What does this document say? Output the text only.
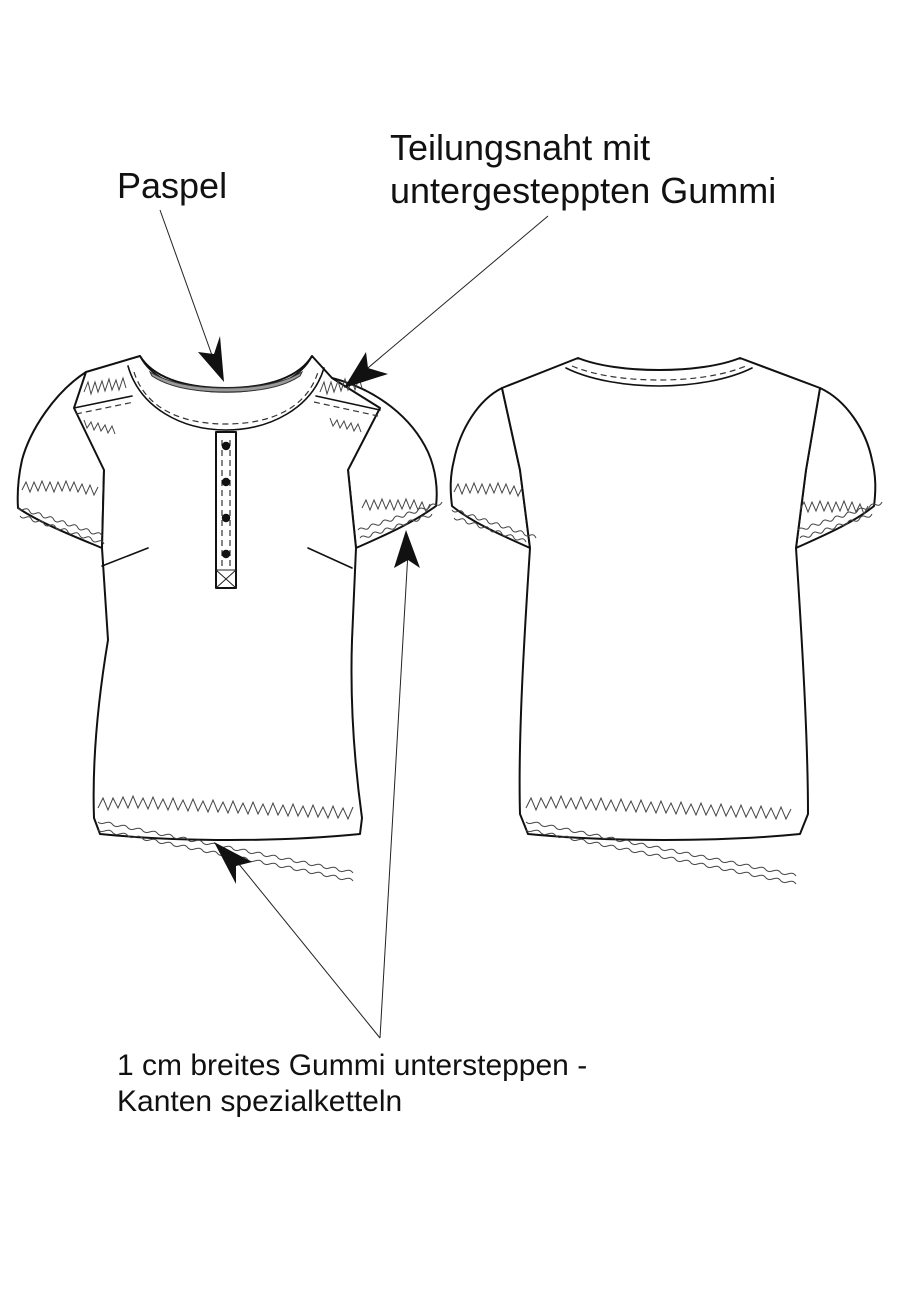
Paspel
Teilungsnaht mit
untergesteppten Gummi
1 cm breites Gummi untersteppen -
Kanten spezialketteln
